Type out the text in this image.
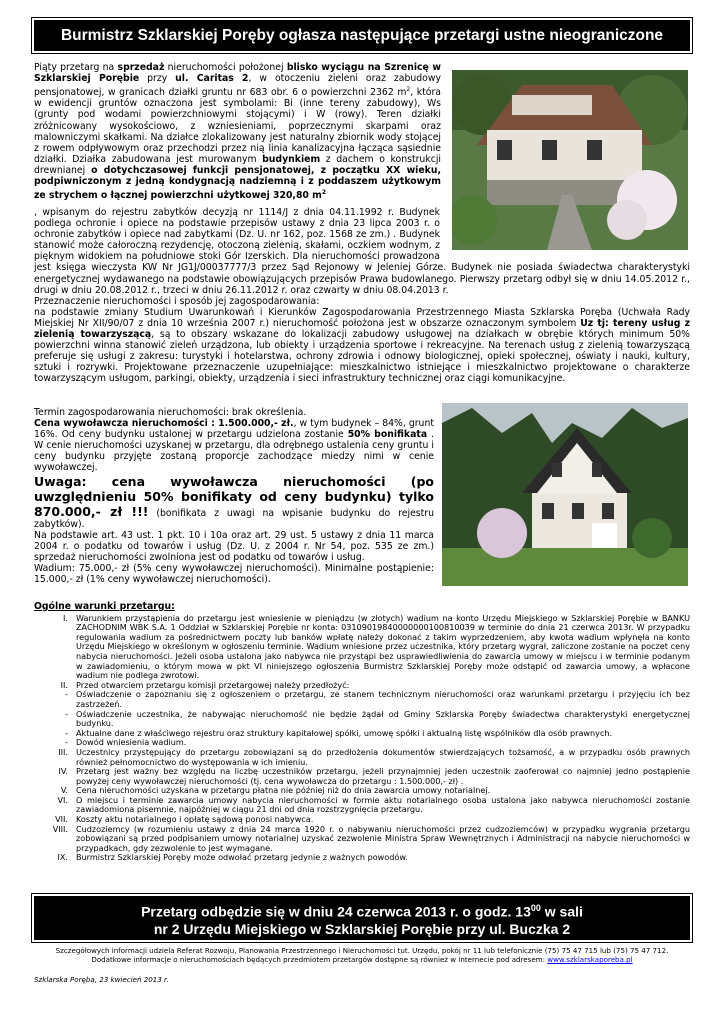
Burmistrz Szklarskiej Poręby ogłasza następujące przetargi ustne nieograniczone
Piąty przetarg na sprzedaż nieruchomości położonej blisko wyciągu na Szrenicę w Szklarskiej Porębie przy ul. Caritas 2, w otoczeniu zieleni oraz zabudowy pensjonatowej, w granicach działki gruntu nr 683 obr. 6 o powierzchni 2362 $m^2$, która w ewidencji gruntów oznaczona jest symbolami: Bi (inne tereny zabudowy), Ws (grunty pod wodami powierzchniowymi stojącymi) i W (rowy). Teren działki zróżnicowany wysokościowo, z wzniesieniami, poprzecznymi skarpami oraz malowniczymi skałkami. Na działce zlokalizowany jest naturalny zbiornik wody stojącej z rowem odpływowym oraz przechodzi przez nią linia kanalizacyjna łącząca sąsiednie działki. Działka zabudowana jest murowanym budynkiem z dachem o konstrukcji drewnianej o dotychczasowej funkcji pensjonatowej, z początku XX wieku, podpiwniczonym z jedną kondygnacją nadziemną i z poddaszem użytkowym ze strychem o łącznej powierzchni użytkowej 320,80 $m^2$
, wpisanym do rejestru zabytków decyzją nr 1114/J z dnia 04.11.1992 r. Budynek podlega ochronie i opiece na podstawie przepisów ustawy z dnia 23 lipca 2003 r. o ochronie zabytków i opiece nad zabytkami (Dz. U. nr 162, poz. 1568 ze zm.) . Budynek stanowić może całoroczną rezydencję, otoczoną zielenią, skałami, oczkiem wodnym, z pięknym widokiem na południowe stoki Gór Izerskich. Dla nieruchomości prowadzona jest księga wieczysta KW Nr JG1J/00037777/3 przez Sąd Rejonowy w Jeleniej Górze. Budynek nie posiada świadectwa charakterystyki energetycznej wydawanego na podstawie obowiązujących przepisów Prawa budowlanego. Pierwszy przetarg odbył się w dniu 14.05.2012 r., drugi w dniu 20.08.2012 r., trzeci w dniu 26.11.2012 r. oraz czwarty w dniu 08.04.2013 r.
Przeznaczenie nieruchomości i sposób jej zagospodarowania:
na podstawie zmiany Studium Uwarunkowań i Kierunków Zagospodarowania Przestrzennego Miasta Szklarska Poręba (Uchwała Rady Miejskiej Nr XII/90/07 z dnia 10 września 2007 r.) nieruchomość położona jest w obszarze oznaczonym symbolem Uz tj: tereny usług z zielenią towarzyszącą, są to obszary wskazane do lokalizacji zabudowy usługowej na działkach w obrębie których minimum 50% powierzchni winna stanowić zieleń urządzona, lub obiekty i urządzenia sportowe i rekreacyjne. Na terenach usług z zielenią towarzyszącą preferuje się usługi z zakresu: turystyki i hotelarstwa, ochrony zdrowia i odnowy biologicznej, opieki społecznej, oświaty i nauki, kultury, sztuki i rozrywki. Projektowane przeznaczenie uzupełniające: mieszkalnictwo istniejące i mieszkalnictwo projektowane o charakterze towarzyszącym usługom, parkingi, obiekty, urządzenia i sieci infrastruktury technicznej oraz ciągi komunikacyjne.
Termin zagospodarowania nieruchomości: brak określenia.
Cena wywoławcza nieruchomości : 1.500.000,- zł., w tym budynek – 84%, grunt 16%. Od ceny budynku ustalonej w przetargu udzielona zostanie 50% bonifikata . W cenie nieruchomości uzyskanej w przetargu, dla odrębnego ustalenia ceny gruntu i ceny budynku przyjęte zostaną proporcje zachodzące miedzy nimi w cenie wywoławczej.
Uwaga: cena wywoławcza nieruchomości (po uwzględnieniu 50% bonifikaty od ceny budynku) tylko 870.000,- zł !!! (bonifikata z uwagi na wpisanie budynku do rejestru zabytków).
Na podstawie art. 43 ust. 1 pkt. 10 i 10a oraz art. 29 ust. 5 ustawy z dnia 11 marca 2004 r. o podatku od towarów i usług (Dz. U. z 2004 r. Nr 54, poz. 535 ze zm.) sprzedaż nieruchomości zwolniona jest od podatku od towarów i usług.
Wadium: 75.000,- zł (5% ceny wywoławczej nieruchomości). Minimalne postąpienie: 15.000,- zł (1% ceny wywoławczej nieruchomości).
Ogólne warunki przetargu:
I. Warunkiem przystąpienia do przetargu jest wniesienie w pieniądzu (w złotych) wadium na konto Urzędu Miejskiego w Szklarskiej Porębie w BANKU ZACHODNIM WBK S.A. 1 Oddział w Szklarskiej Porębie nr konta: 03109019840000000100810039 w terminie do dnia 21 czerwca 2013r. W przypadku regulowania wadium za pośrednictwem poczty lub banków wpłatę należy dokonać z takim wyprzedzeniem, aby kwota wadium wpłynęła na konto Urzędu Miejskiego w określonym w ogłoszeniu terminie. Wadium wniesione przez uczestnika, który przetarg wygrał, zaliczone zostanie na poczet ceny nabycia nieruchomości. Jeżeli osoba ustalona jako nabywca nie przystąpi bez usprawiedliwienia do zawarcia umowy w miejscu i w terminie podanym w zawiadomieniu, o którym mowa w pkt VI niniejszego ogłoszenia Burmistrz Szklarskiej Poręby może odstąpić od zawarcia umowy, a wpłacone wadium nie podlega zwrotowi.
II. Przed otwarciem przetargu komisji przetargowej należy przedłożyć:
- Oświadczenie o zapoznaniu się z ogłoszeniem o przetargu, ze stanem technicznym nieruchomości oraz warunkami przetargu i przyjęciu ich bez zastrzeżeń.
- Oświadczenie uczestnika, że nabywając nieruchomość nie będzie żądał od Gminy Szklarska Poręby świadectwa charakterystyki energetycznej budynku.
- Aktualne dane z właściwego rejestru oraz struktury kapitałowej spółki, umowę spółki i aktualną listę wspólników dla osób prawnych.
- Dowód wniesienia wadium.
III. Uczestnicy przystępujący do przetargu zobowiązani są do przedłożenia dokumentów stwierdzających tożsamość, a w przypadku osób prawnych również pełnomocnictwo do występowania w ich imieniu.
IV. Przetarg jest ważny bez względu na liczbę uczestników przetargu, jeżeli przynajmniej jeden uczestnik zaoferował co najmniej jedno postąpienie powyżej ceny wywoławczej nieruchomości (tj. cena wywoławcza do przetargu : 1.500.000,- zł) .
V. Cena nieruchomości uzyskana w przetargu płatna nie później niż do dnia zawarcia umowy notarialnej.
VI. O miejscu i terminie zawarcia umowy nabycia nieruchomości w formie aktu notarialnego osoba ustalona jako nabywca nieruchomości zostanie zawiadomiona pisemnie, najpóźniej w ciągu 21 dni od dnia rozstrzygnięcia przetargu.
VII. Koszty aktu notarialnego i opłatę sądową ponosi nabywca.
VIII. Cudzoziemcy (w rozumieniu ustawy z dnia 24 marca 1920 r. o nabywaniu nieruchomości przez cudzoziemców) w przypadku wygrania przetargu zobowiązani są przed podpisaniem umowy notarialnej uzyskać zezwolenie Ministra Spraw Wewnętrznych i Administracji na nabycie nieruchomości w przypadkach, gdy zezwolenie to jest wymagane.
IX. Burmistrz Szklarskiej Poręby może odwołać przetarg jedynie z ważnych powodów.
Przetarg odbędzie się w dniu 24 czerwca 2013 r. o godz. $13^{00}$ w sali
nr 2 Urzędu Miejskiego w Szklarskiej Porębie przy ul. Buczka 2
Szczegółowych informacji udziela Referat Rozwoju, Planowania Przestrzennego i Nieruchomości tut. Urzędu, pokój nr 11 lub telefonicznie (75) 75 47 715 lub (75) 75 47 712.
Dodatkowe informacje o nieruchomościach będących przedmiotem przetargów dostępne są również w internecie pod adresem: www.szklarskaporeba.pl
Szklarska Poręba, 23 kwiecień 2013 r.
